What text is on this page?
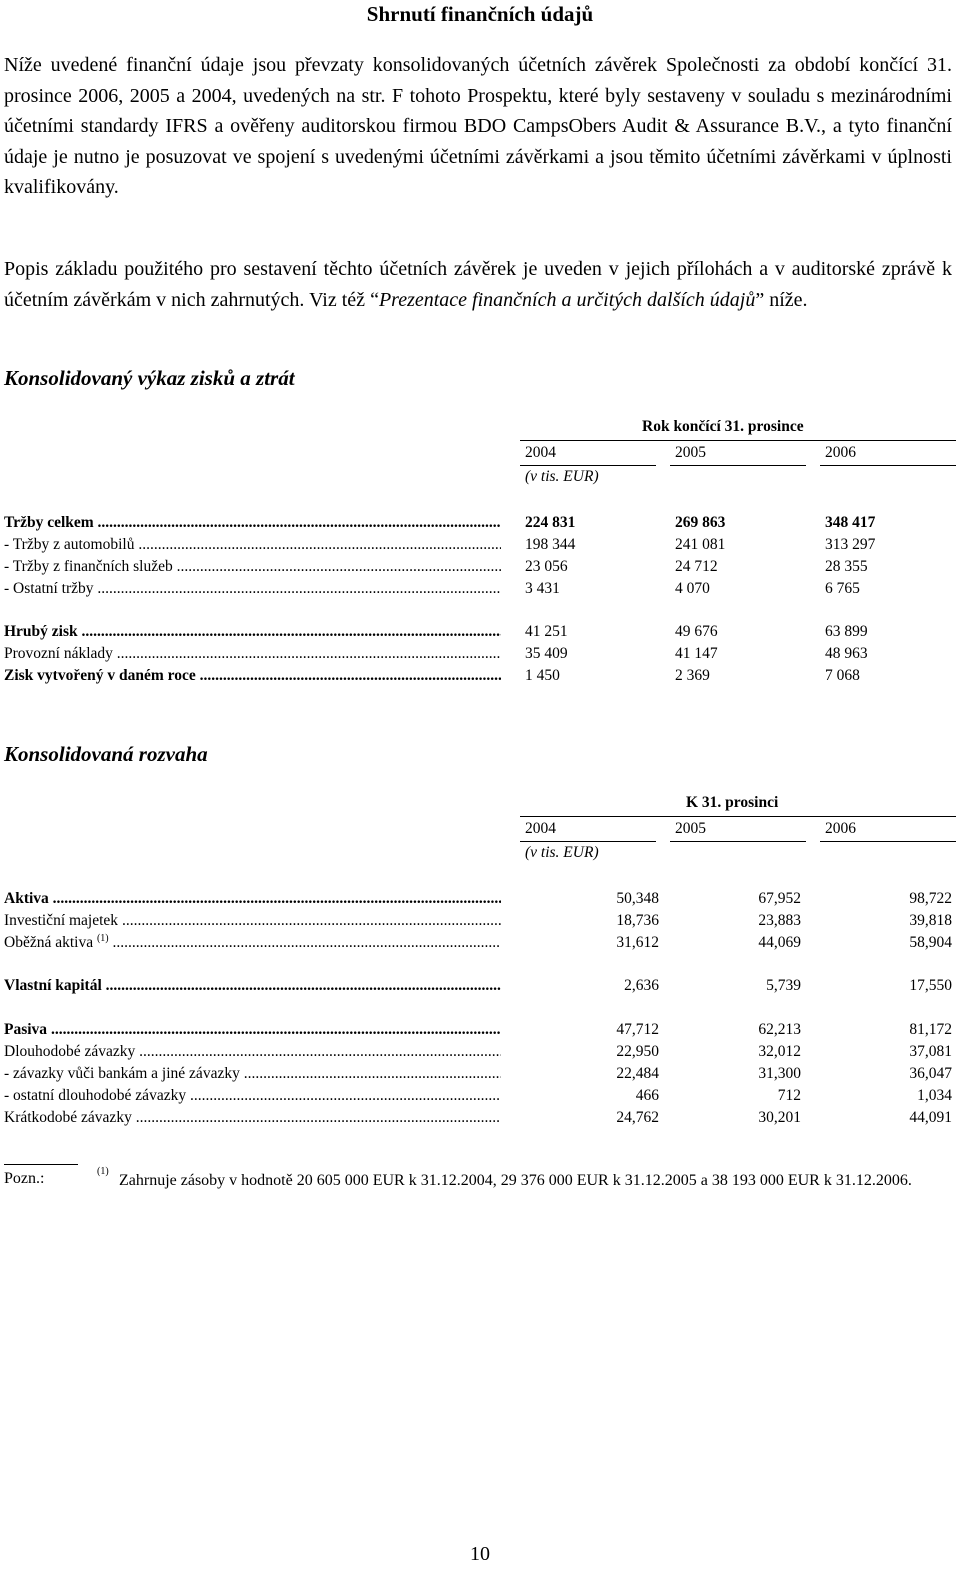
Shrnutí finančních údajů

Níže uvedené finanční údaje jsou převzaty konsolidovaných účetních závěrek Společnosti za období končící 31. prosince 2006, 2005 a 2004, uvedených na str. F tohoto Prospektu, které byly sestaveny v souladu s mezinárodními účetními standardy IFRS a ověřeny auditorskou firmou BDO CampsObers Audit & Assurance B.V., a tyto finanční údaje je nutno je posuzovat ve spojení s uvedenými účetními závěrkami a jsou těmito účetními závěrkami v úplnosti kvalifikovány.

Popis základu použitého pro sestavení těchto účetních závěrek je uveden v jejich přílohách a v auditorské zprávě k účetním závěrkám v nich zahrnutých. Viz též “Prezentace finančních a určitých dalších údajů” níže.

Konsolidovaný výkaz zisků a ztrát
Rok končící 31. prosince
2004	2005	2006
(v tis. EUR)
Tržby celkem .....	224 831	269 863	348 417
- Tržby z automobilů .....	198 344	241 081	313 297
- Tržby z finančních služeb .....	23 056	24 712	28 355
- Ostatní tržby .....	3 431	4 070	6 765
Hrubý zisk .....	41 251	49 676	63 899
Provozní náklady .....	35 409	41 147	48 963
Zisk vytvořený v daném roce .....	1 450	2 369	7 068
Konsolidovaná rozvaha
K 31. prosinci
2004	2005	2006
(v tis. EUR)
Aktiva .....	50,348	67,952	98,722
Investiční majetek .....	18,736	23,883	39,818
Oběžná aktiva $^{(1)}$ .....	31,612	44,069	58,904
Vlastní kapitál .....	2,636	5,739	17,550
Pasiva .....	47,712	62,213	81,172
Dlouhodobé závazky .....	22,950	32,012	37,081
- závazky vůči bankám a jiné závazky .....	22,484	31,300	36,047
- ostatní dlouhodobé závazky .....	466	712	1,034
Krátkodobé závazky .....	24,762	30,201	44,091
Pozn.:	(1)
Zahrnuje zásoby v hodnotě 20 605 000 EUR k 31.12.2004, 29 376 000 EUR k 31.12.2005 a 38 193 000 EUR k 31.12.2006.
10
